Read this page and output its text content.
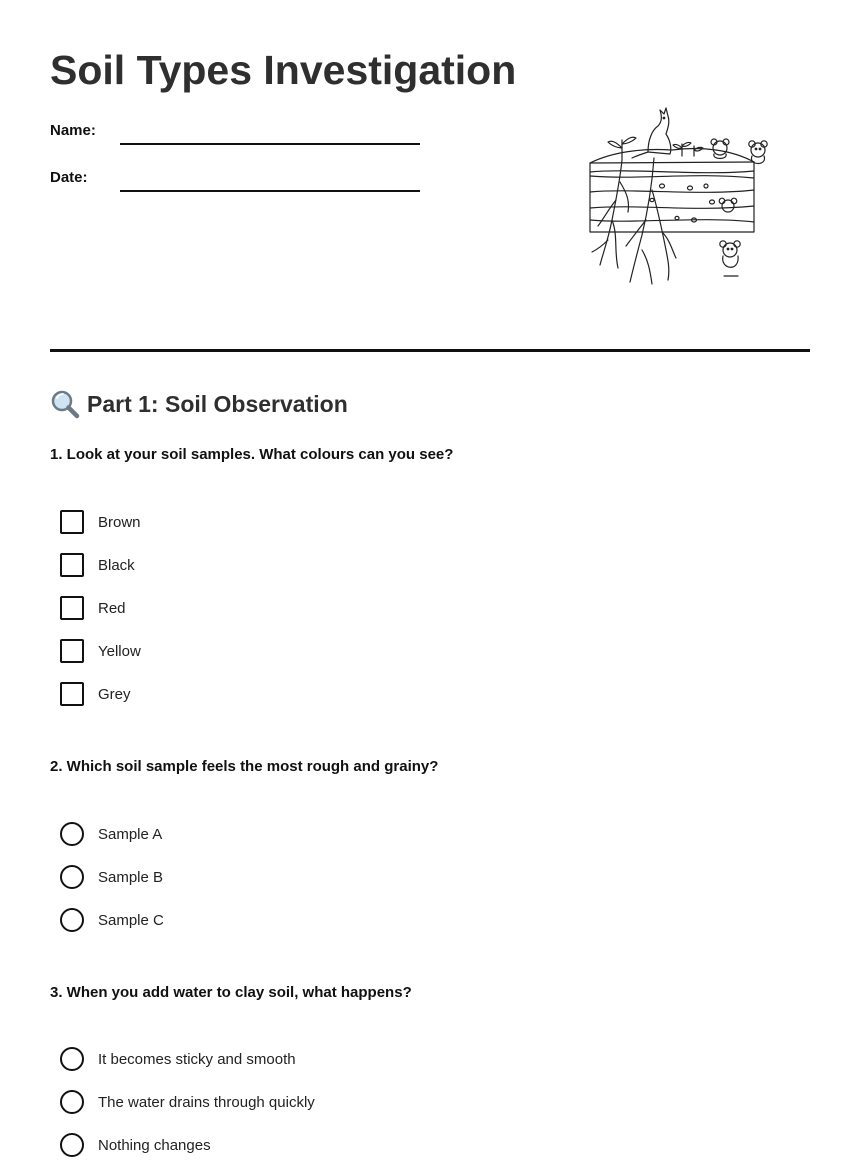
Soil Types Investigation
Name:
Date:
Part 1: Soil Observation
1. Look at your soil samples. What colours can you see?
Brown
Black
Red
Yellow
Grey
2. Which soil sample feels the most rough and grainy?
Sample A
Sample B
Sample C
3. When you add water to clay soil, what happens?
It becomes sticky and smooth
The water drains through quickly
Nothing changes
